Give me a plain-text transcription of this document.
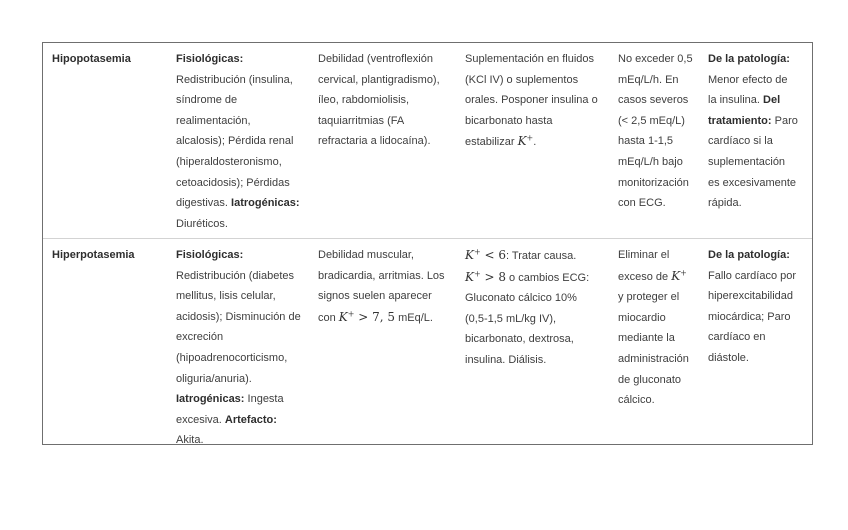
Hipopotasemia	Fisiológicas:
Redistribución (insulina,
síndrome de
realimentación,
alcalosis); Pérdida renal
(hiperaldosteronismo,
cetoacidosis); Pérdidas
digestivas. Iatrogénicas:
Diuréticos.
Debilidad (ventroflexión
cervical, plantigradismo),
íleo, rabdomiolisis,
taquiarritmias (FA
refractaria a lidocaína).
Suplementación en fluidos
(KCl IV) o suplementos
orales. Posponer insulina o
bicarbonato hasta
estabilizar K+.
No exceder 0,5
mEq/L/h. En
casos severos
(< 2,5 mEq/L)
hasta 1-1,5
mEq/L/h bajo
monitorización
con ECG.
De la patología:
Menor efecto de
la insulina. Del
tratamiento: Paro
cardíaco si la
suplementación
es excesivamente
rápida.
Hiperpotasemia	Fisiológicas:
Redistribución (diabetes
mellitus, lisis celular,
acidosis); Disminución de
excreción
(hipoadrenocorticismo,
oliguria/anuria).
Iatrogénicas: Ingesta
excesiva. Artefacto:
Akita.
Debilidad muscular,
bradicardia, arritmias. Los
signos suelen aparecer
con K+ > 7, 5 mEq/L.
K+ < 6: Tratar causa.
K+ > 8 o cambios ECG:
Gluconato cálcico 10%
(0,5-1,5 mL/kg IV),
bicarbonato, dextrosa,
insulina. Diálisis.
Eliminar el
exceso de K+
y proteger el
miocardio
mediante la
administración
de gluconato
cálcico.
De la patología:
Fallo cardíaco por
hiperexcitabilidad
miocárdica; Paro
cardíaco en
diástole.
